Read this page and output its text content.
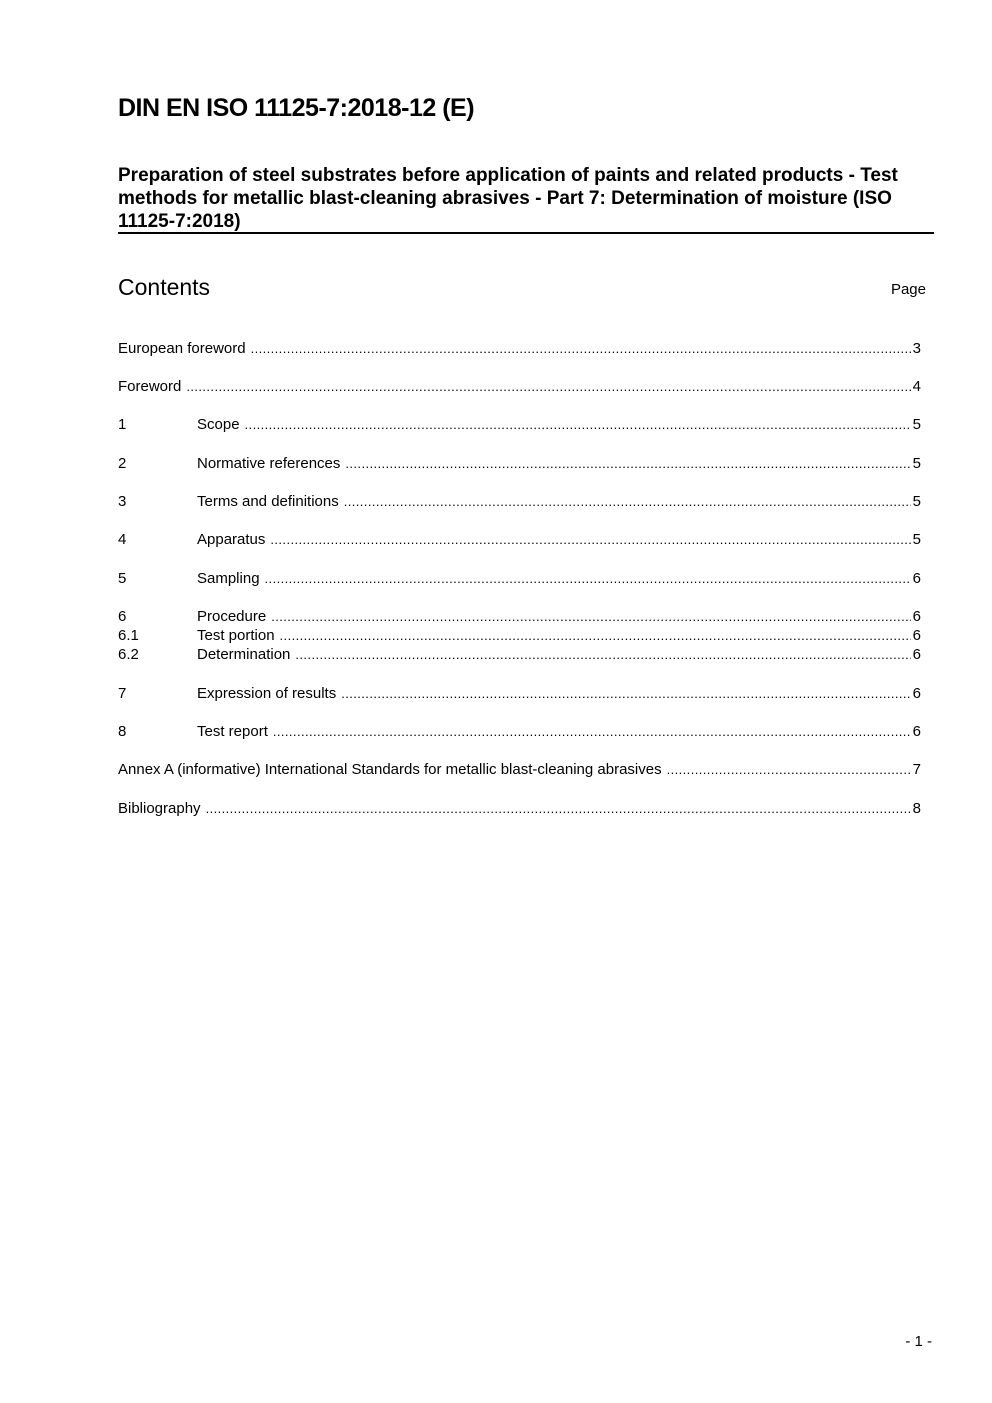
DIN EN ISO 11125-7:2018-12 (E)
Preparation of steel substrates before application of paints and related products - Test methods for metallic blast-cleaning abrasives - Part 7: Determination of moisture (ISO 11125-7:2018)
Contents	Page
European foreword .....	3
Foreword .....	4
1	Scope .....	5
2	Normative references .....	5
3	Terms and definitions .....	5
4	Apparatus .....	5
5	Sampling .....	6
6	Procedure .....	6
6.1	Test portion .....	6
6.2	Determination .....	6
7	Expression of results .....	6
8	Test report .....	6
Annex A (informative) International Standards for metallic blast-cleaning abrasives .....	7
Bibliography .....	8
- 1 -
